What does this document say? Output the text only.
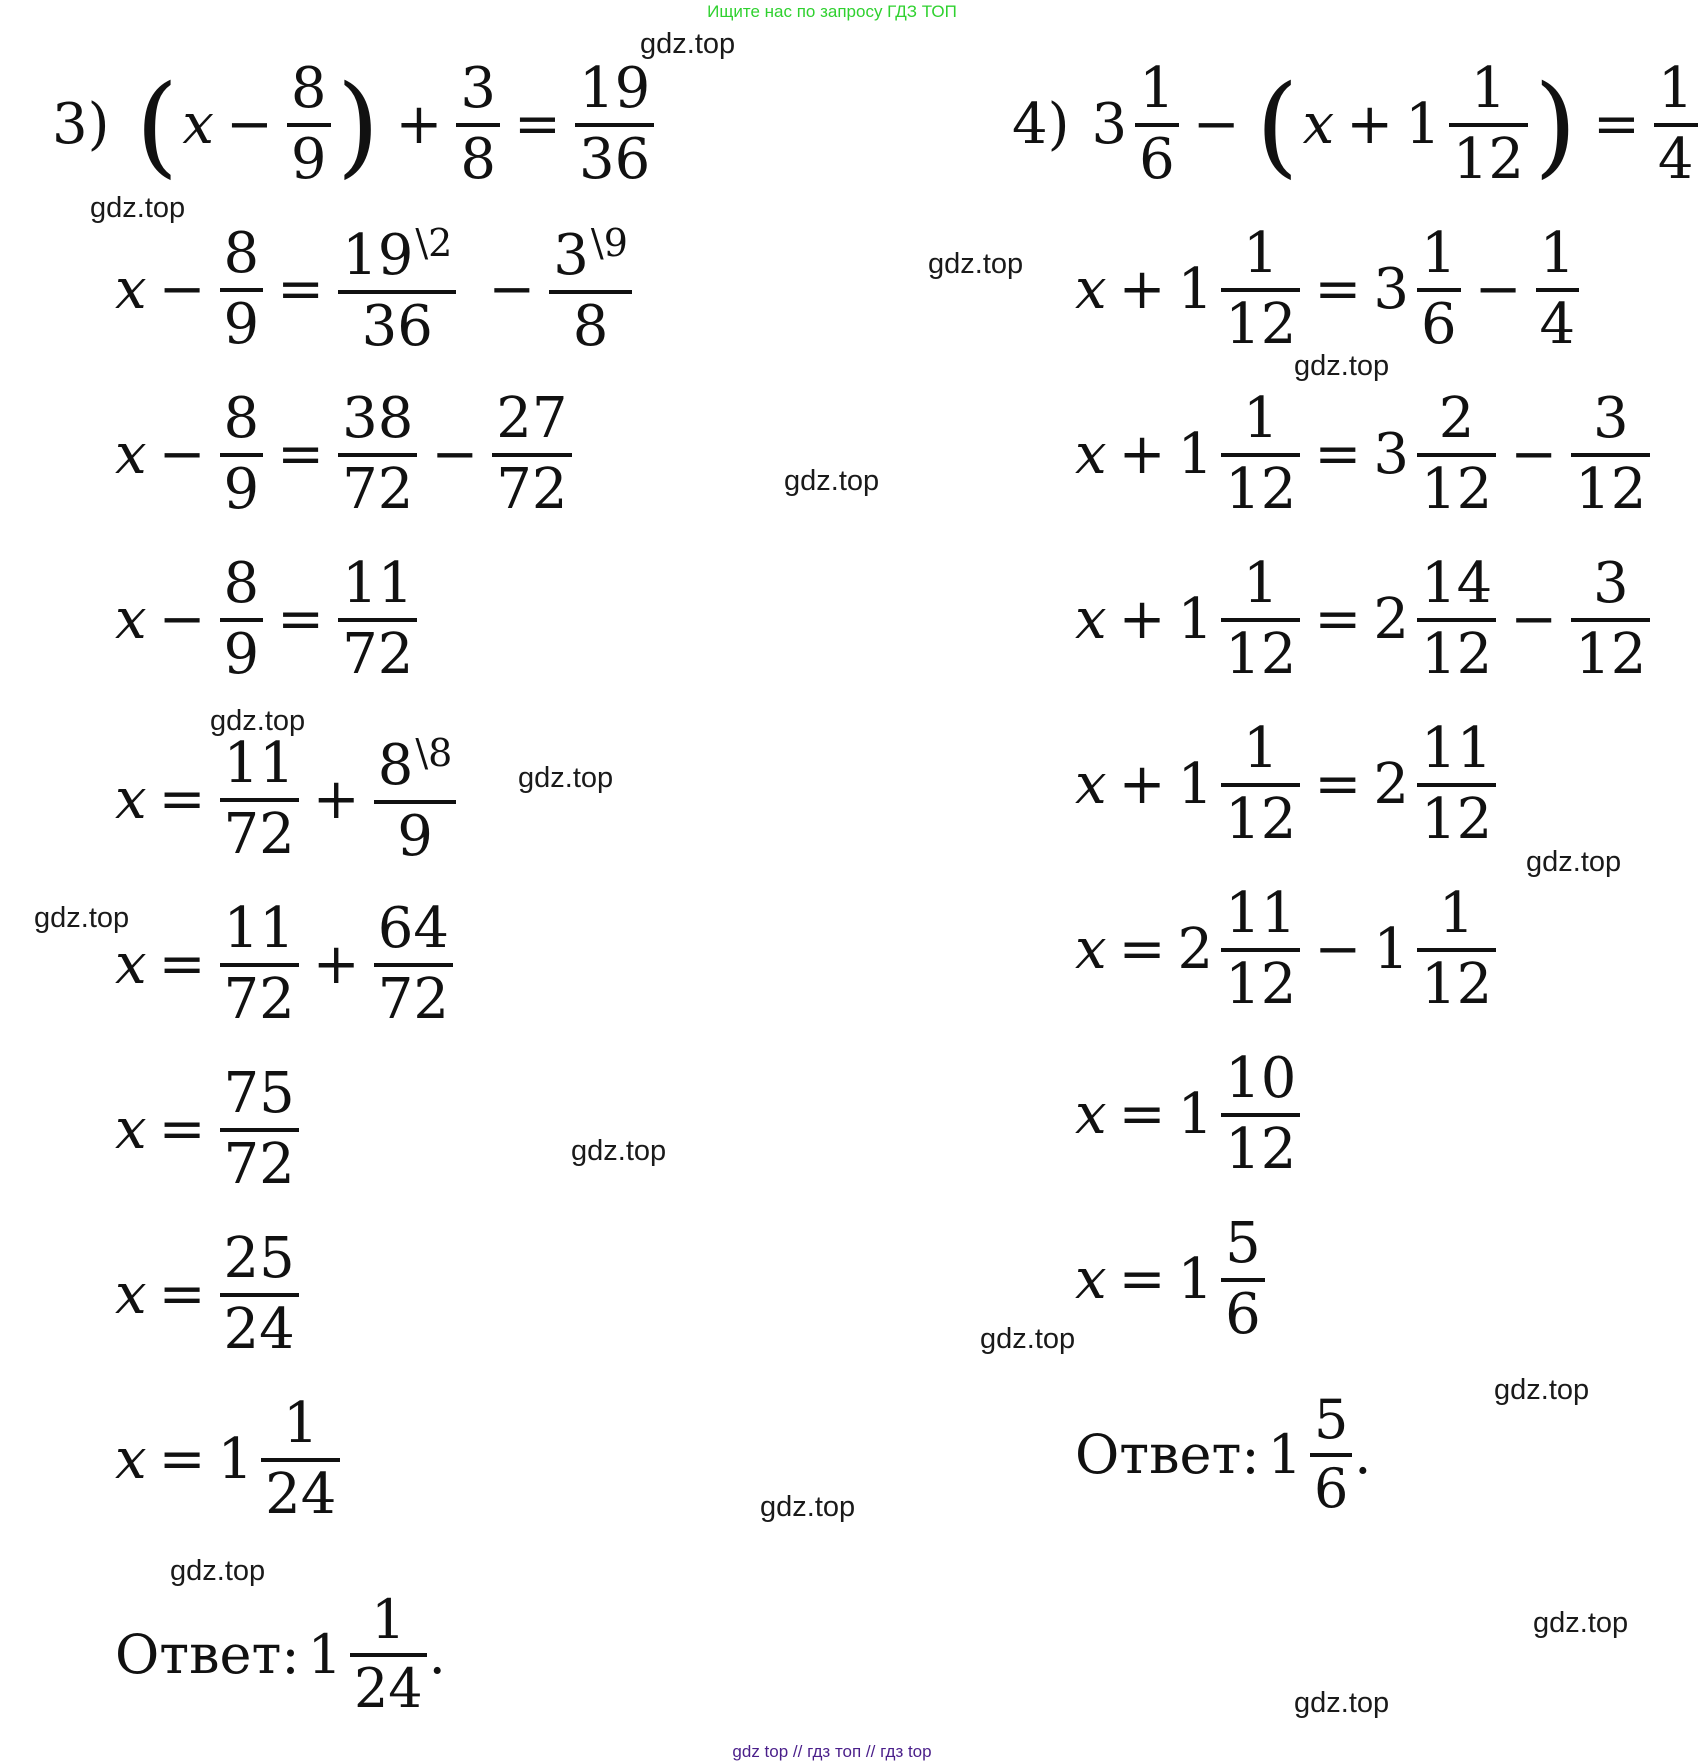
Ищите нас по запросу ГДЗ ТОП
gdz.top
gdz.top
gdz.top
gdz.top
gdz.top
gdz.top
gdz.top
gdz.top
gdz.top
gdz.top
gdz.top
gdz.top
gdz.top
gdz.top
gdz.top
gdz.top
3) ( $x - \frac{8}{9}$ ) + $\frac{3}{8} = \frac{19}{36}$
$x - \frac{8}{9} = \frac{19^{\backslash 2}}{36} - \frac{3^{\backslash 9}}{8}$
$x - \frac{8}{9} = \frac{38}{72} - \frac{27}{72}$
$x - \frac{8}{9} = \frac{11}{72}$
$x = \frac{11}{72} + \frac{8^{\backslash 8}}{9}$
$x = \frac{11}{72} + \frac{64}{72}$
$x = \frac{75}{72}$
$x = \frac{25}{24}$
$x = 1 \frac{1}{24}$
Ответ: $1 \frac{1}{24}$ .
4) $3 \frac{1}{6}$ − ( $x + 1 \frac{1}{12}$ ) = $\frac{1}{4}$
$x + 1 \frac{1}{12} = 3 \frac{1}{6} - \frac{1}{4}$
$x + 1 \frac{1}{12} = 3 \frac{2}{12} - \frac{3}{12}$
$x + 1 \frac{1}{12} = 2 \frac{14}{12} - \frac{3}{12}$
$x + 1 \frac{1}{12} = 2 \frac{11}{12}$
$x = 2 \frac{11}{12} - 1 \frac{1}{12}$
$x = 1 \frac{10}{12}$
$x = 1 \frac{5}{6}$
Ответ: $1 \frac{5}{6}$ .
gdz top // гдз топ // гдз top
